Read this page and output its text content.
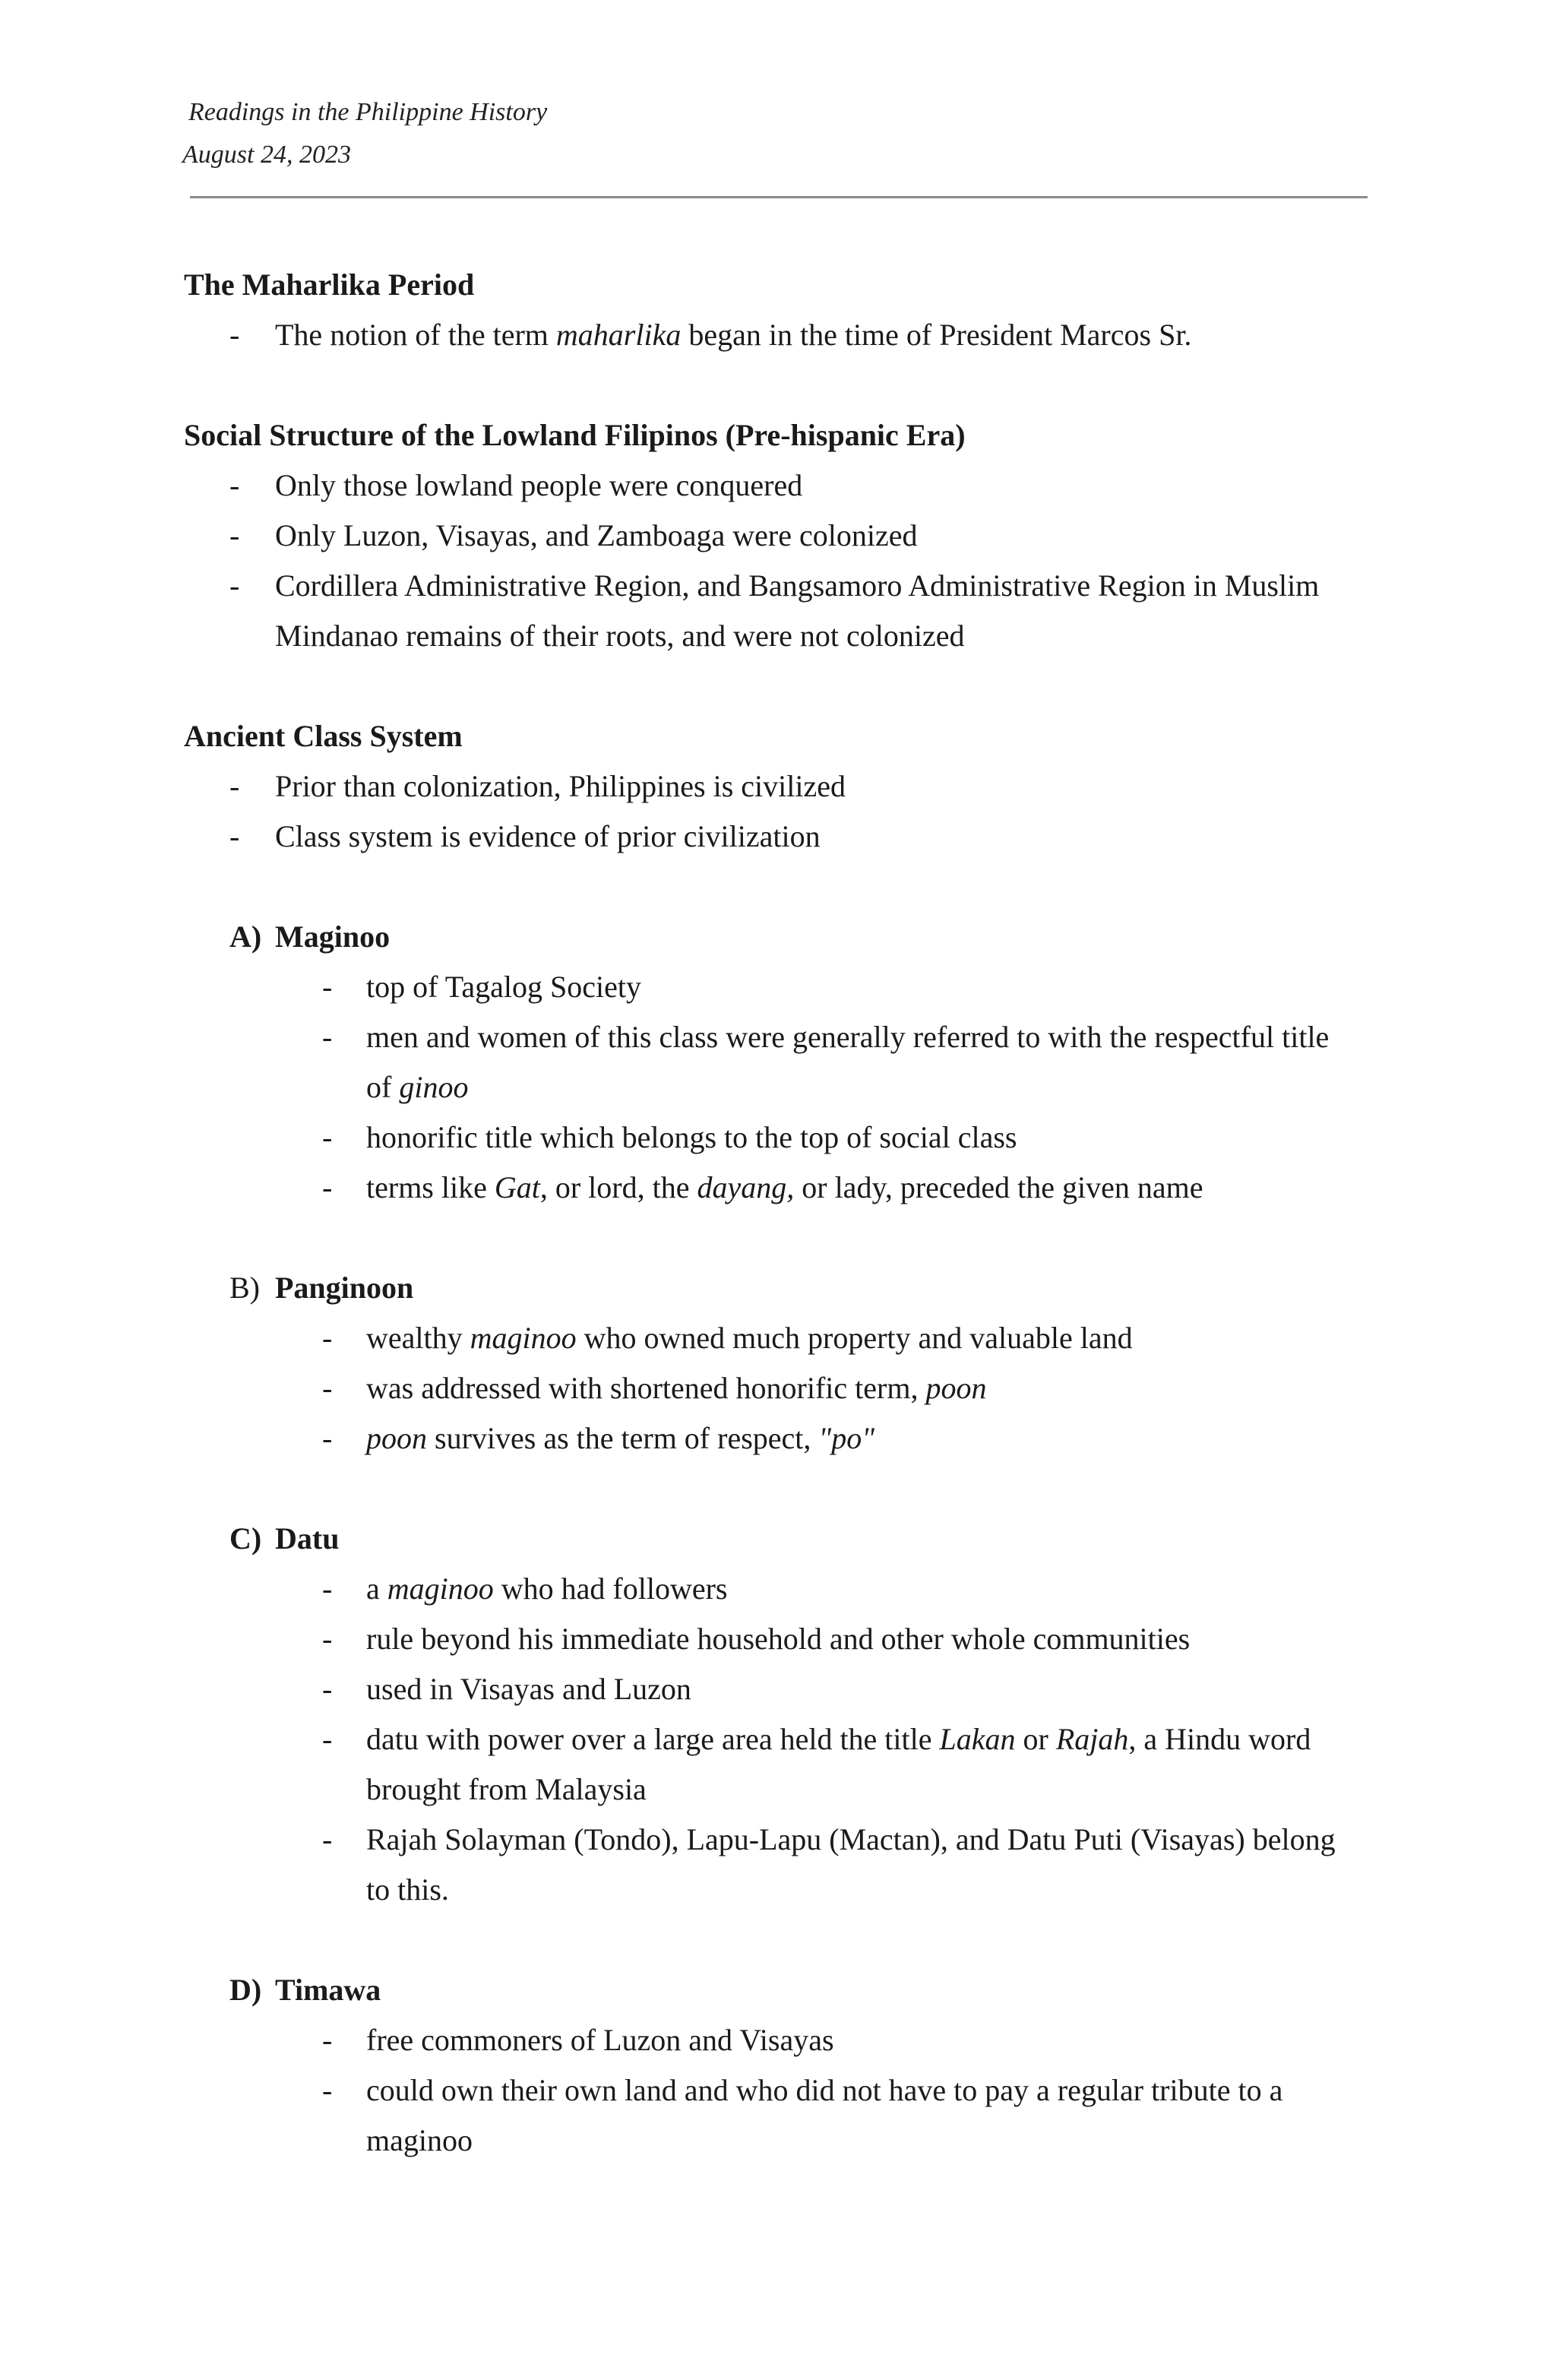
Readings in the Philippine History
August 24, 2023

The Maharlika Period

- The notion of the term maharlika began in the time of President Marcos Sr.

Social Structure of the Lowland Filipinos (Pre-hispanic Era)

- Only those lowland people were conquered
- Only Luzon, Visayas, and Zamboaga were colonized
- Cordillera Administrative Region, and Bangsamoro Administrative Region in Muslim
Mindanao remains of their roots, and were not colonized

Ancient Class System

- Prior than colonization, Philippines is civilized
- Class system is evidence of prior civilization
A) Maginoo
- top of Tagalog Society
- men and women of this class were generally referred to with the respectful title
of ginoo
- honorific title which belongs to the top of social class
- terms like Gat, or lord, the dayang, or lady, preceded the given name
B) Panginoon
- wealthy maginoo who owned much property and valuable land
- was addressed with shortened honorific term, poon
- poon survives as the term of respect, "po"
C) Datu
- a maginoo who had followers
- rule beyond his immediate household and other whole communities
- used in Visayas and Luzon
- datu with power over a large area held the title Lakan or Rajah, a Hindu word
brought from Malaysia
- Rajah Solayman (Tondo), Lapu-Lapu (Mactan), and Datu Puti (Visayas) belong
to this.
D) Timawa
- free commoners of Luzon and Visayas
- could own their own land and who did not have to pay a regular tribute to a
maginoo
